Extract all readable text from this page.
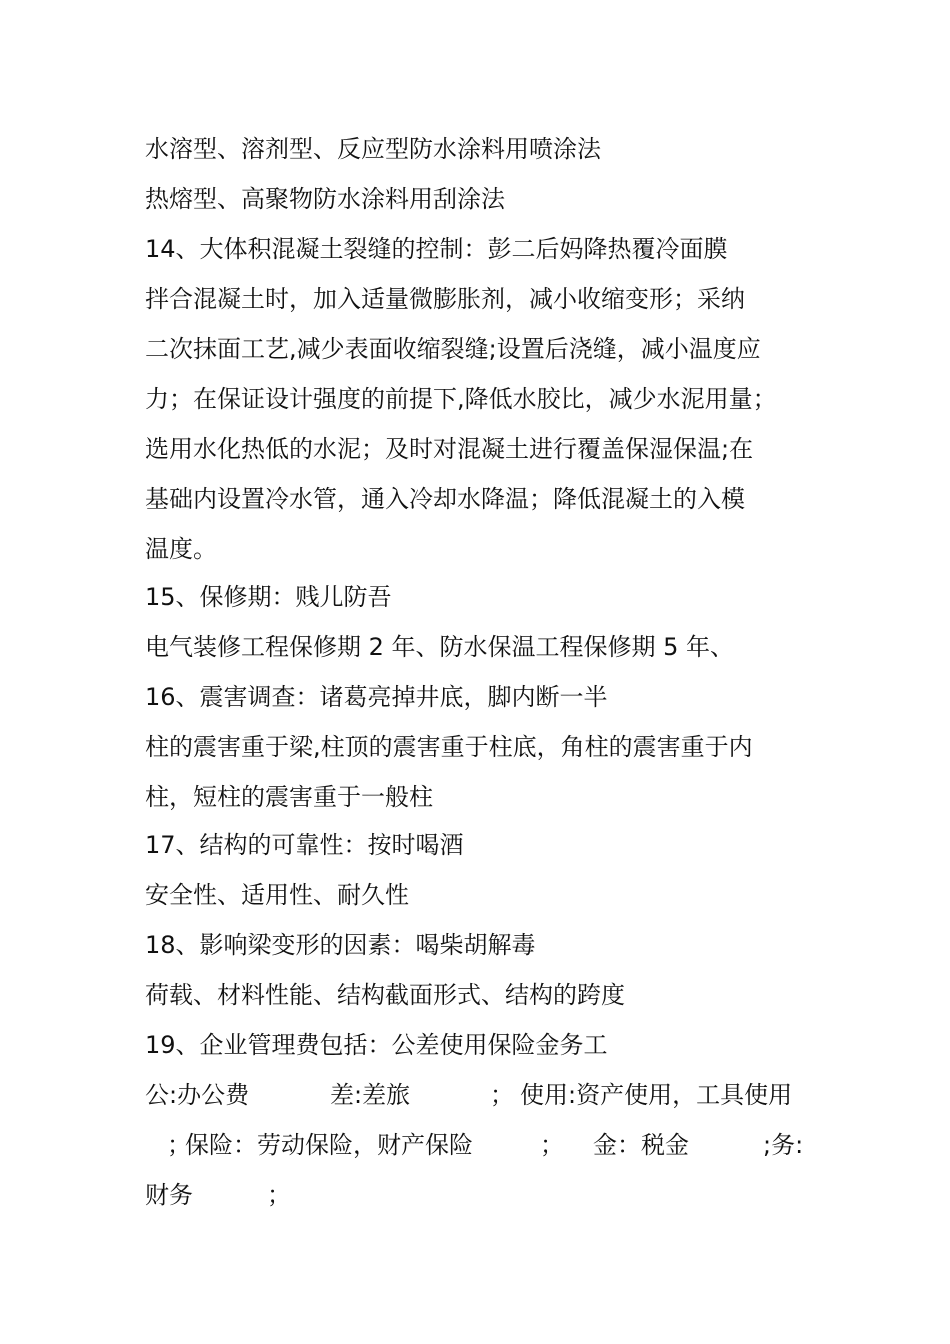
水溶型、溶剂型、反应型防水涂料用喷涂法
热熔型、高聚物防水涂料用刮涂法
14、大体积混凝土裂缝的控制：彭二后妈降热覆冷面膜
拌合混凝土时，加入适量微膨胀剂，减小收缩变形；采纳
二次抹面工艺,减少表面收缩裂缝;设置后浇缝，减小温度应
力；在保证设计强度的前提下,降低水胶比，减少水泥用量；
选用水化热低的水泥；及时对混凝土进行覆盖保湿保温;在
基础内设置冷水管，通入冷却水降温；降低混凝土的入模
温度。
15、保修期：贱儿防吾
电气装修工程保修期 2 年、防水保温工程保修期 5 年、
16、震害调查：诸葛亮掉井底，脚内断一半
柱的震害重于梁,柱顶的震害重于柱底，角柱的震害重于内
柱，短柱的震害重于一般柱
17、结构的可靠性：按时喝酒
安全性、适用性、耐久性
18、影响梁变形的因素：喝柴胡解毒
荷载、材料性能、结构截面形式、结构的跨度
19、企业管理费包括：公差使用保险金务工
公:办公费	差:差旅	； 使用:资产使用，工具使用
；
保险：劳动保险，财产保险	； 金：税金	;务:
财务	；
